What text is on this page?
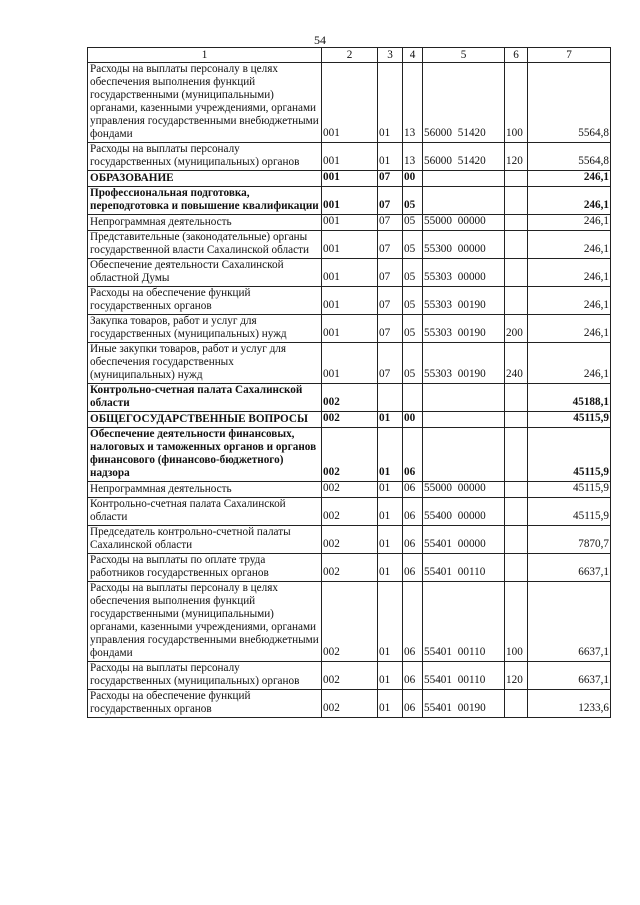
54
1	2	3	4	5	6	7
Расходы на выплаты персоналу в целях обеспечения выполнения функций государственными (муниципальными) органами, казенными учреждениями, органами управления государственными внебюджетными фондами	001	01	13	56000 51420	100	5564,8
Расходы на выплаты персоналу государственных (муниципальных) органов	001	01	13	56000 51420	120	5564,8
ОБРАЗОВАНИЕ	001	07	00			246,1
Профессиональная подготовка, переподготовка и повышение квалификации	001	07	05			246,1
Непрограммная деятельность	001	07	05	55000 00000		246,1
Представительные (законодательные) органы государственной власти Сахалинской области	001	07	05	55300 00000		246,1
Обеспечение деятельности Сахалинской областной Думы	001	07	05	55303 00000		246,1
Расходы на обеспечение функций государственных органов	001	07	05	55303 00190		246,1
Закупка товаров, работ и услуг для государственных (муниципальных) нужд	001	07	05	55303 00190	200	246,1
Иные закупки товаров, работ и услуг для обеспечения государственных (муниципальных) нужд	001	07	05	55303 00190	240	246,1
Контрольно-счетная палата Сахалинской области	002					45188,1
ОБЩЕГОСУДАРСТВЕННЫЕ ВОПРОСЫ	002	01	00			45115,9
Обеспечение деятельности финансовых, налоговых и таможенных органов и органов финансового (финансово-бюджетного) надзора	002	01	06			45115,9
Непрограммная деятельность	002	01	06	55000 00000		45115,9
Контрольно-счетная палата Сахалинской области	002	01	06	55400 00000		45115,9
Председатель контрольно-счетной палаты Сахалинской области	002	01	06	55401 00000		7870,7
Расходы на выплаты по оплате труда работников государственных органов	002	01	06	55401 00110		6637,1
Расходы на выплаты персоналу в целях обеспечения выполнения функций государственными (муниципальными) органами, казенными учреждениями, органами управления государственными внебюджетными фондами	002	01	06	55401 00110	100	6637,1
Расходы на выплаты персоналу государственных (муниципальных) органов	002	01	06	55401 00110	120	6637,1
Расходы на обеспечение функций государственных органов	002	01	06	55401 00190		1233,6
